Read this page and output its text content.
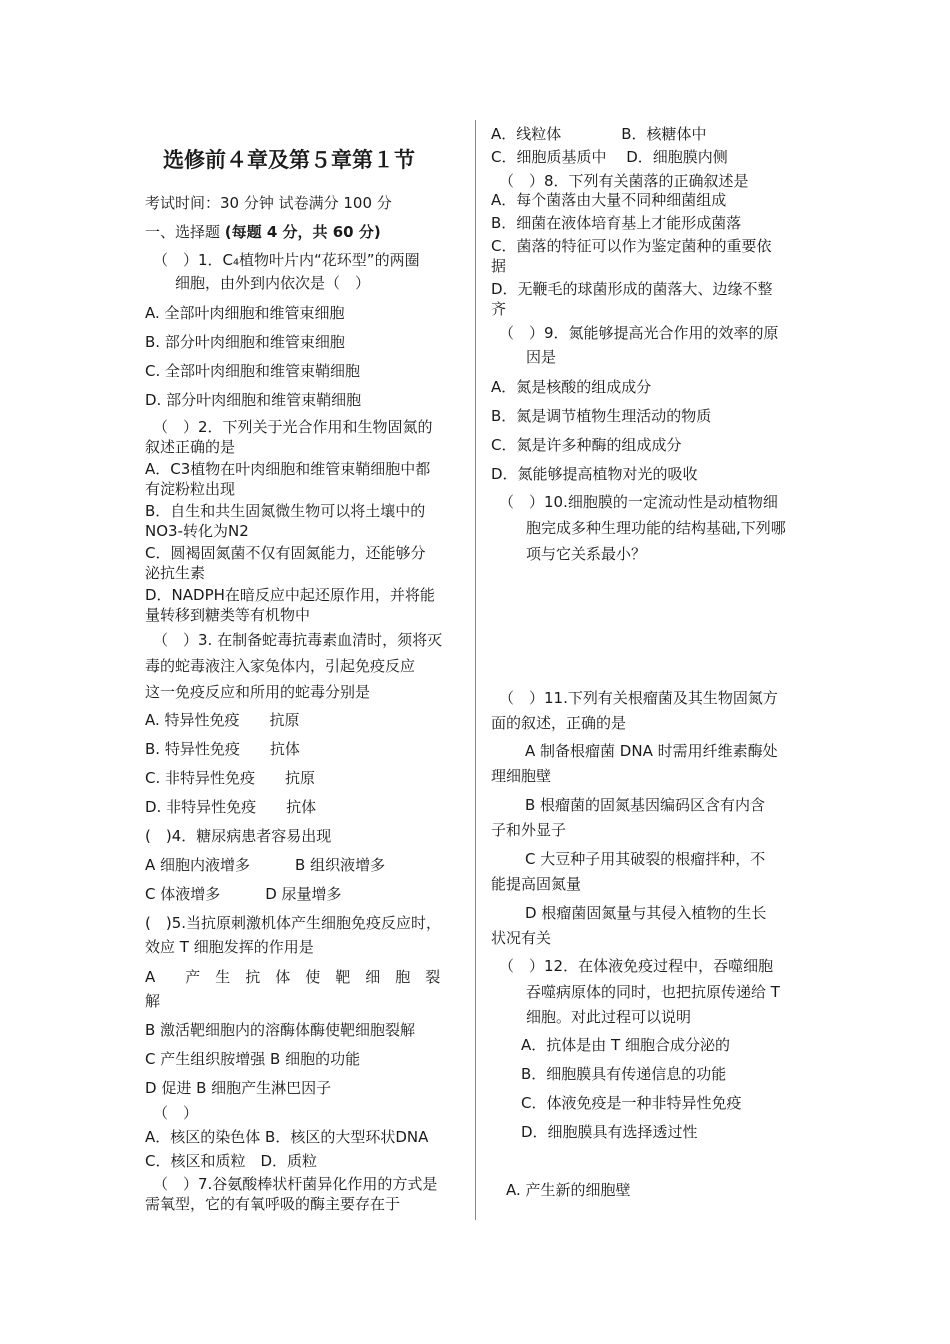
选修前４章及第５章第１节
考试时间：30 分钟 试卷满分 100 分
一、选择题 (每题 4 分，共 60 分)
（　）1．C₄植物叶片内“花环型”的两圈
细胞，由外到内依次是（　）
A. 全部叶肉细胞和维管束细胞
B. 部分叶肉细胞和维管束细胞
C. 全部叶肉细胞和维管束鞘细胞
D. 部分叶肉细胞和维管束鞘细胞
（　）2．下列关于光合作用和生物固氮的
叙述正确的是
A．C3植物在叶肉细胞和维管束鞘细胞中都
有淀粉粒出现
B．自生和共生固氮微生物可以将土壤中的
NO3-转化为N2
C．圆褐固氮菌不仅有固氮能力，还能够分
泌抗生素
D．NADPH在暗反应中起还原作用，并将能
量转移到糖类等有机物中
（　）3. 在制备蛇毒抗毒素血清时，须将灭
毒的蛇毒液注入家兔体内，引起免疫反应
这一免疫反应和所用的蛇毒分别是
A. 特异性免疫　　抗原
B. 特异性免疫　　抗体
C. 非特异性免疫　　抗原
D. 非特异性免疫　　抗体
(　)4．糖尿病患者容易出现
A 细胞内液增多　　　B 组织液增多
C 体液增多　　　D 尿量增多
(　)5.当抗原刺激机体产生细胞免疫反应时，
效应 T 细胞发挥的作用是
A　　产　生　抗　体　使　靶　细　胞　裂
解
B 激活靶细胞内的溶酶体酶使靶细胞裂解
C 产生组织胺增强 B 细胞的功能
D 促进 B 细胞产生淋巴因子
（　）
A．核区的染色体 B．核区的大型环状DNA
C．核区和质粒　D．质粒
（　）7.谷氨酸棒状杆菌异化作用的方式是
需氧型，它的有氧呼吸的酶主要存在于
A．线粒体　　　　B．核糖体中
C．细胞质基质中　 D．细胞膜内侧
（　）8．下列有关菌落的正确叙述是
A．每个菌落由大量不同种细菌组成
B．细菌在液体培育基上才能形成菌落
C．菌落的特征可以作为鉴定菌种的重要依
据
D．无鞭毛的球菌形成的菌落大、边缘不整
齐
（　）9．氮能够提高光合作用的效率的原
因是
A．氮是核酸的组成成分
B．氮是调节植物生理活动的物质
C．氮是许多种酶的组成成分
D．氮能够提高植物对光的吸收
（　）10.细胞膜的一定流动性是动植物细
胞完成多种生理功能的结构基础,下列哪
项与它关系最小？
（　）11.下列有关根瘤菌及其生物固氮方
面的叙述，正确的是
A 制备根瘤菌 DNA 时需用纤维素酶处
理细胞壁
B 根瘤菌的固氮基因编码区含有内含
子和外显子
C 大豆种子用其破裂的根瘤拌种，不
能提高固氮量
D 根瘤菌固氮量与其侵入植物的生长
状况有关
（　）12．在体液免疫过程中，吞噬细胞
吞噬病原体的同时，也把抗原传递给 T
细胞。对此过程可以说明
A．抗体是由 T 细胞合成分泌的
B．细胞膜具有传递信息的功能
C．体液免疫是一种非特异性免疫
D．细胞膜具有选择透过性
A. 产生新的细胞壁
